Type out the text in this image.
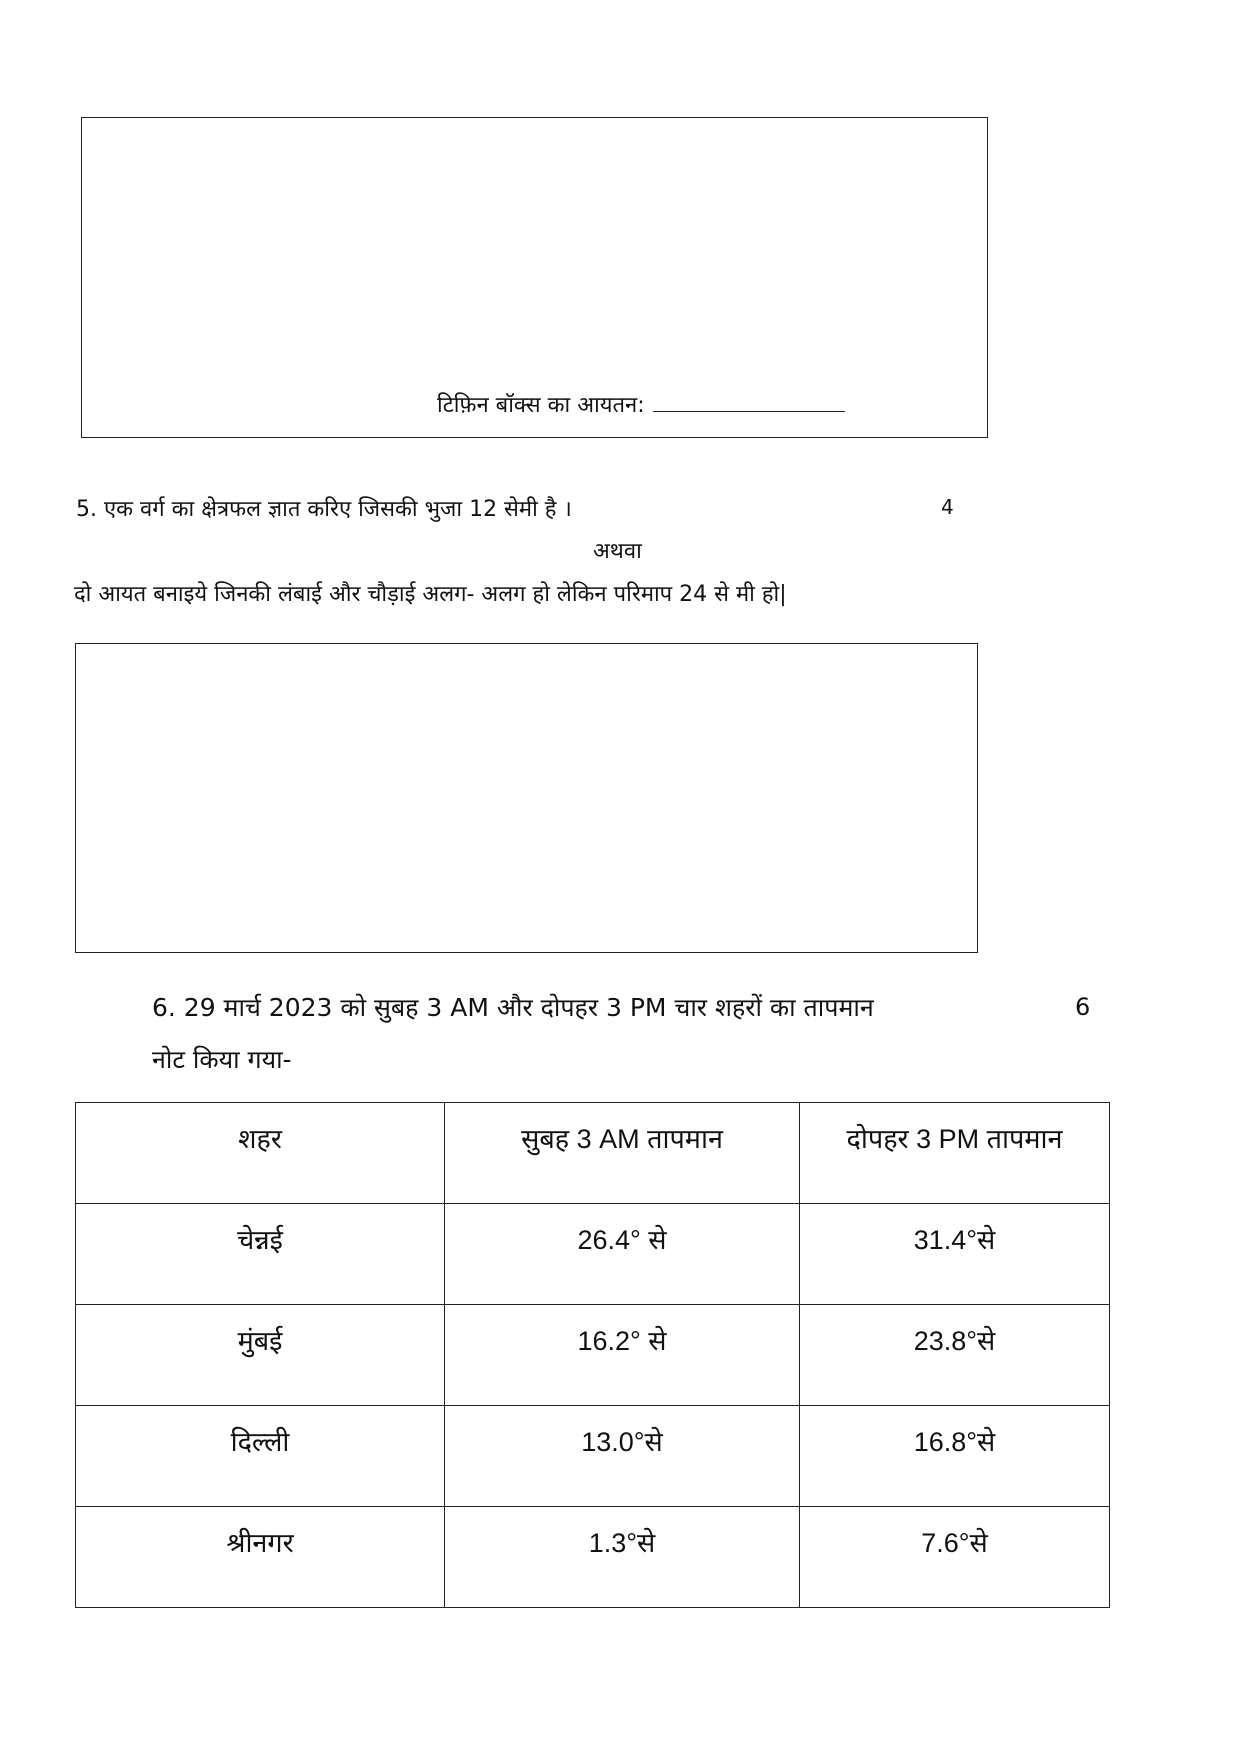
टिफ़िन बॉक्स का आयतन:
5. एक वर्ग का क्षेत्रफल ज्ञात करिए जिसकी भुजा 12 सेमी है ।	4
अथवा
दो आयत बनाइये जिनकी लंबाई और चौड़ाई अलग- अलग हो लेकिन परिमाप 24 से मी हो|
6. 29 मार्च 2023 को सुबह 3 AM और दोपहर 3 PM चार शहरों का तापमान
नोट किया गया-
6
शहर	सुबह 3 AM तापमान	दोपहर 3 PM तापमान
चेन्नई	26.4° से	31.4°से
मुंबई	16.2° से	23.8°से
दिल्ली	13.0°से	16.8°से
श्रीनगर	1.3°से	7.6°से
